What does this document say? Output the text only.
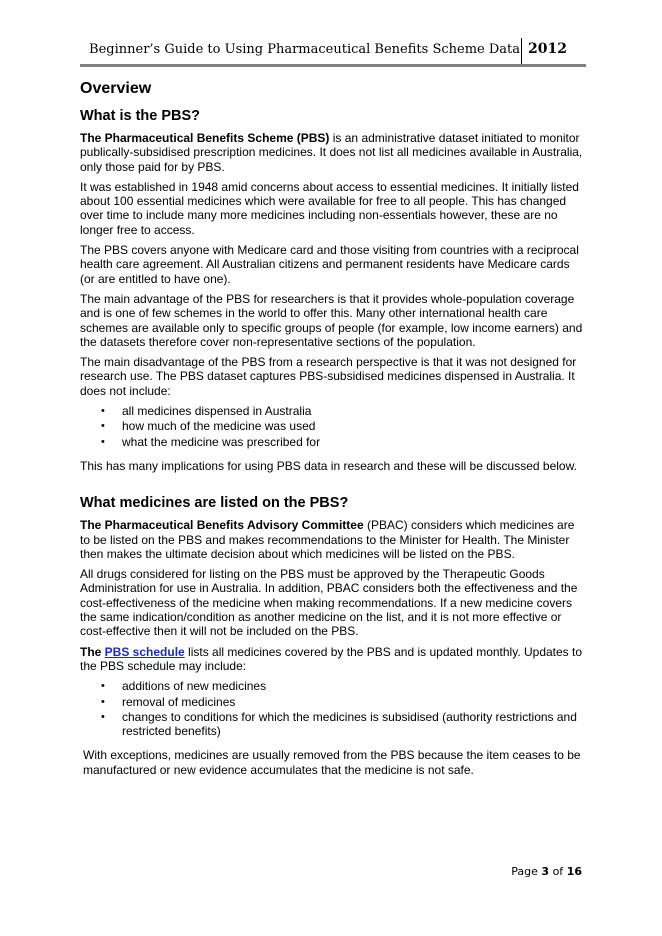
Beginner’s Guide to Using Pharmaceutical Benefits Scheme Data 2012
Overview
What is the PBS?

The Pharmaceutical Benefits Scheme (PBS) is an administrative dataset initiated to monitor publically-subsidised prescription medicines. It does not list all medicines available in Australia, only those paid for by PBS.

It was established in 1948 amid concerns about access to essential medicines. It initially listed about 100 essential medicines which were available for free to all people. This has changed over time to include many more medicines including non-essentials however, these are no longer free to access.

The PBS covers anyone with Medicare card and those visiting from countries with a reciprocal health care agreement. All Australian citizens and permanent residents have Medicare cards (or are entitled to have one).

The main advantage of the PBS for researchers is that it provides whole-population coverage and is one of few schemes in the world to offer this. Many other international health care schemes are available only to specific groups of people (for example, low income earners) and the datasets therefore cover non-representative sections of the population.

The main disadvantage of the PBS from a research perspective is that it was not designed for research use. The PBS dataset captures PBS-subsidised medicines dispensed in Australia. It does not include:

• all medicines dispensed in Australia
• how much of the medicine was used
• what the medicine was prescribed for

This has many implications for using PBS data in research and these will be discussed below.

What medicines are listed on the PBS?

The Pharmaceutical Benefits Advisory Committee (PBAC) considers which medicines are to be listed on the PBS and makes recommendations to the Minister for Health. The Minister then makes the ultimate decision about which medicines will be listed on the PBS.

All drugs considered for listing on the PBS must be approved by the Therapeutic Goods Administration for use in Australia. In addition, PBAC considers both the effectiveness and the cost-effectiveness of the medicine when making recommendations. If a new medicine covers the same indication/condition as another medicine on the list, and it is not more effective or cost-effective then it will not be included on the PBS.

The PBS schedule lists all medicines covered by the PBS and is updated monthly. Updates to the PBS schedule may include:

• additions of new medicines
• removal of medicines
• changes to conditions for which the medicines is subsidised (authority restrictions and restricted benefits)

With exceptions, medicines are usually removed from the PBS because the item ceases to be manufactured or new evidence accumulates that the medicine is not safe.

Page 3 of 16
